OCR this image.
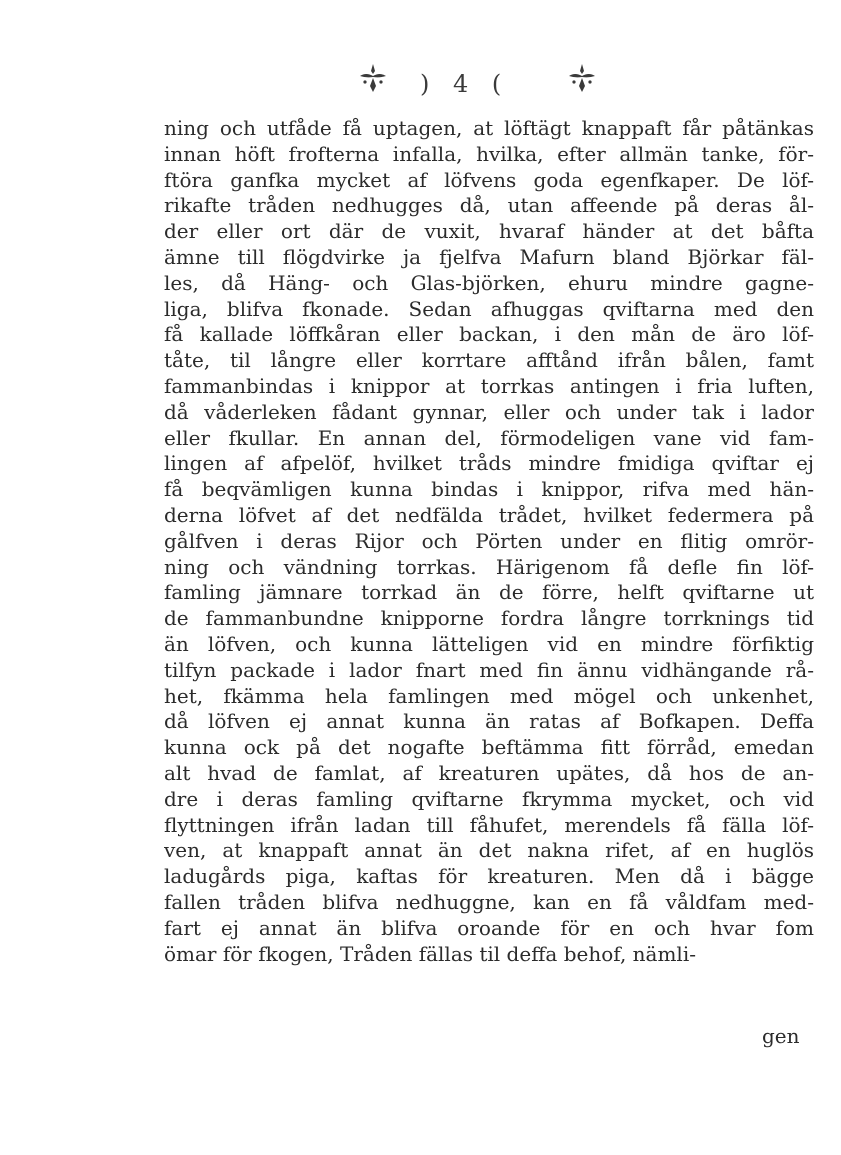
) 4 (
ning och utfåde få uptagen, at löftägt knappaft får påtänkas
innan höft frofterna infalla, hvilka, efter allmän tanke, för-
ftöra ganfka mycket af löfvens goda egenfkaper. De löf-
rikafte tråden nedhugges då, utan affeende på deras ål-
der eller ort där de vuxit, hvaraf händer at det båfta
ämne till flögdvirke ja fjelfva Mafurn bland Björkar fäl-
les, då Häng- och Glas-björken, ehuru mindre gagne-
liga, blifva fkonade. Sedan afhuggas qviftarna med den
få kallade löffkåran eller backan, i den mån de äro löf-
tåte, til långre eller korrtare afftånd ifrån bålen, famt
fammanbindas i knippor at torrkas antingen i fria luften,
då våderleken fådant gynnar, eller och under tak i lador
eller fkullar. En annan del, förmodeligen vane vid fam-
lingen af afpelöf, hvilket tråds mindre fmidiga qviftar ej
få beqvämligen kunna bindas i knippor, rifva med hän-
derna löfvet af det nedfälda trådet, hvilket federmera på
gålfven i deras Rijor och Pörten under en flitig omrör-
ning och vändning torrkas. Härigenom få defle fin löf-
famling jämnare torrkad än de förre, helft qviftarne ut
de fammanbundne knipporne fordra långre torrknings tid
än löfven, och kunna lätteligen vid en mindre förfiktig
tilfyn packade i lador fnart med fin ännu vidhängande rå-
het, fkämma hela famlingen med mögel och unkenhet,
då löfven ej annat kunna än ratas af Bofkapen. Deffa
kunna ock på det nogafte beftämma fitt förråd, emedan
alt hvad de famlat, af kreaturen upätes, då hos de an-
dre i deras famling qviftarne fkrymma mycket, och vid
flyttningen ifrån ladan till fåhufet, merendels få fälla löf-
ven, at knappaft annat än det nakna rifet, af en huglös
ladugårds piga, kaftas för kreaturen. Men då i bägge
fallen tråden blifva nedhuggne, kan en få våldfam med-
fart ej annat än blifva oroande för en och hvar fom
ömar för fkogen, Tråden fällas til deffa behof, nämli-
gen
